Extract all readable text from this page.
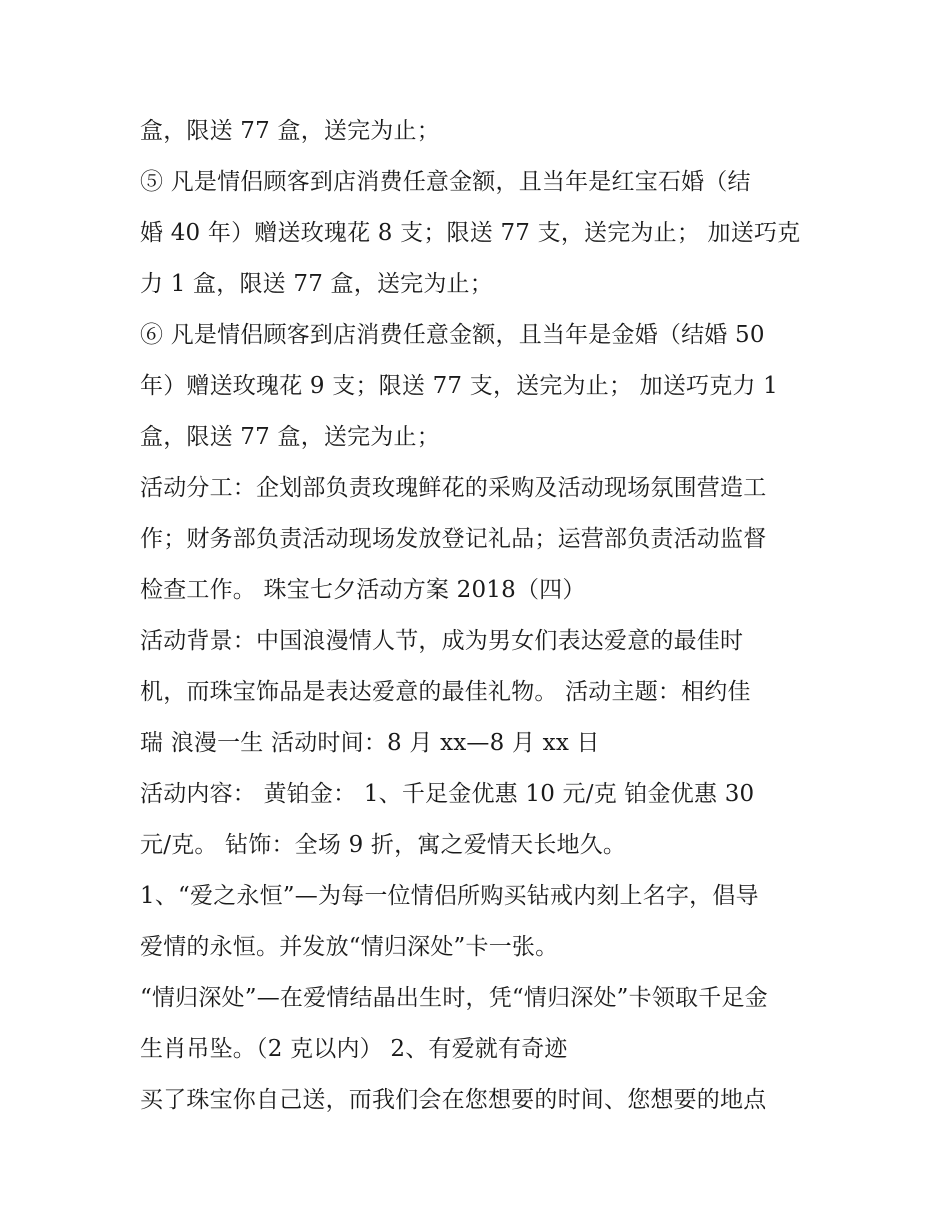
盒，限送 77 盒，送完为止；
⑤ 凡是情侣顾客到店消费任意金额，且当年是红宝石婚（结
婚 40 年）赠送玫瑰花 8 支；限送 77 支，送完为止； 加送巧克
力 1 盒，限送 77 盒，送完为止；
⑥ 凡是情侣顾客到店消费任意金额，且当年是金婚（结婚 50
年）赠送玫瑰花 9 支；限送 77 支，送完为止； 加送巧克力 1
盒，限送 77 盒，送完为止；
活动分工：企划部负责玫瑰鲜花的采购及活动现场氛围营造工
作；财务部负责活动现场发放登记礼品；运营部负责活动监督
检查工作。 珠宝七夕活动方案 2018（四）
活动背景：中国浪漫情人节，成为男女们表达爱意的最佳时
机，而珠宝饰品是表达爱意的最佳礼物。 活动主题：相约佳
瑞 浪漫一生 活动时间：8 月 xx—8 月 xx 日
活动内容： 黄铂金： 1、千足金优惠 10 元/克 铂金优惠 30
元/克。 钻饰：全场 9 折，寓之爱情天长地久。
1、“爱之永恒”—为每一位情侣所购买钻戒内刻上名字，倡导
爱情的永恒。并发放“情归深处”卡一张。
“情归深处”—在爱情结晶出生时，凭“情归深处”卡领取千足金
生肖吊坠。（2 克以内） 2、有爱就有奇迹
买了珠宝你自己送，而我们会在您想要的时间、您想要的地点
